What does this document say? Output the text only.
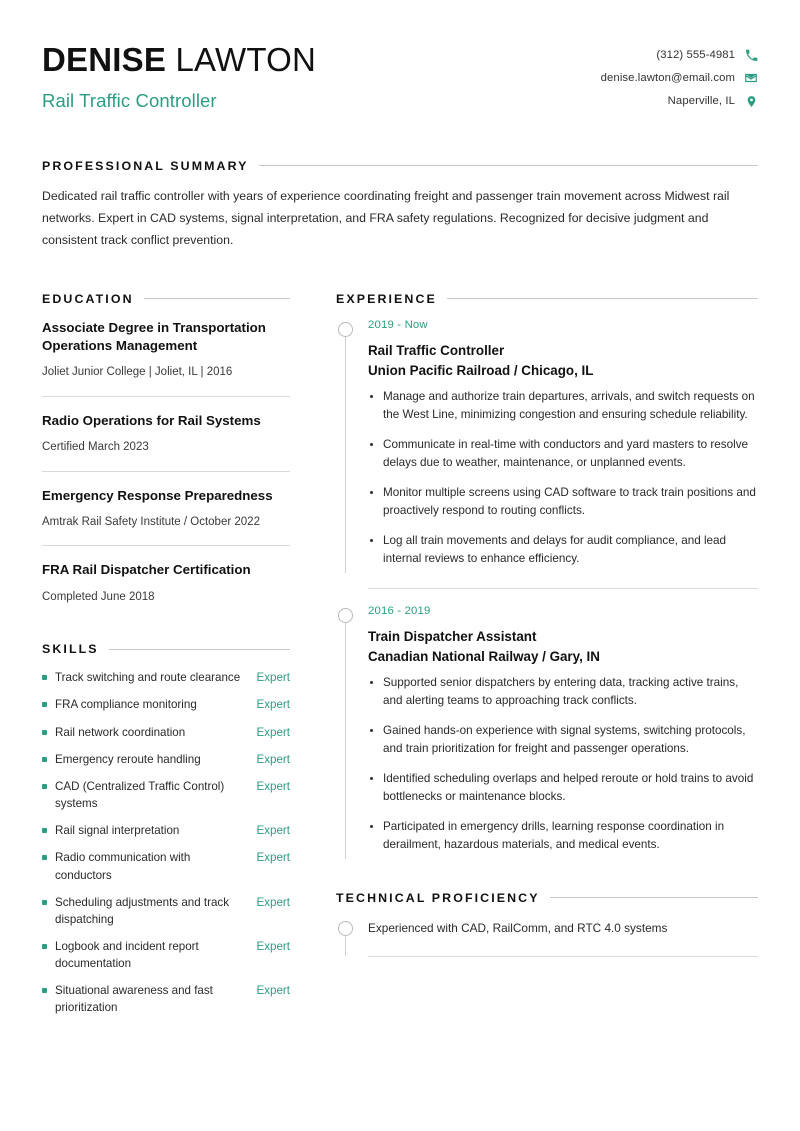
DENISE LAWTON
Rail Traffic Controller
(312) 555-4981
denise.lawton@email.com
Naperville, IL
PROFESSIONAL SUMMARY

Dedicated rail traffic controller with years of experience coordinating freight and passenger train movement across Midwest rail networks. Expert in CAD systems, signal interpretation, and FRA safety regulations. Recognized for decisive judgment and consistent track conflict prevention.

EDUCATION
Associate Degree in Transportation Operations Management
Joliet Junior College | Joliet, IL | 2016
Radio Operations for Rail Systems
Certified March 2023
Emergency Response Preparedness
Amtrak Rail Safety Institute / October 2022
FRA Rail Dispatcher Certification
Completed June 2018
SKILLS
Track switching and route clearance	Expert
FRA compliance monitoring	Expert
Rail network coordination	Expert
Emergency reroute handling	Expert
CAD (Centralized Traffic Control) systems
Expert
Rail signal interpretation	Expert
Radio communication with conductors
Expert
Scheduling adjustments and track dispatching
Expert
Logbook and incident report documentation
Expert
Situational awareness and fast prioritization
Expert
EXPERIENCE
2019 - Now
Rail Traffic Controller
Union Pacific Railroad / Chicago, IL
Manage and authorize train departures, arrivals, and switch requests on the West Line, minimizing congestion and ensuring schedule reliability.
Communicate in real-time with conductors and yard masters to resolve delays due to weather, maintenance, or unplanned events.
Monitor multiple screens using CAD software to track train positions and proactively respond to routing conflicts.
Log all train movements and delays for audit compliance, and lead internal reviews to enhance efficiency.
2016 - 2019
Train Dispatcher Assistant
Canadian National Railway / Gary, IN
Supported senior dispatchers by entering data, tracking active trains, and alerting teams to approaching track conflicts.
Gained hands-on experience with signal systems, switching protocols, and train prioritization for freight and passenger operations.
Identified scheduling overlaps and helped reroute or hold trains to avoid bottlenecks or maintenance blocks.
Participated in emergency drills, learning response coordination in derailment, hazardous materials, and medical events.
TECHNICAL PROFICIENCY
Experienced with CAD, RailComm, and RTC 4.0 systems
